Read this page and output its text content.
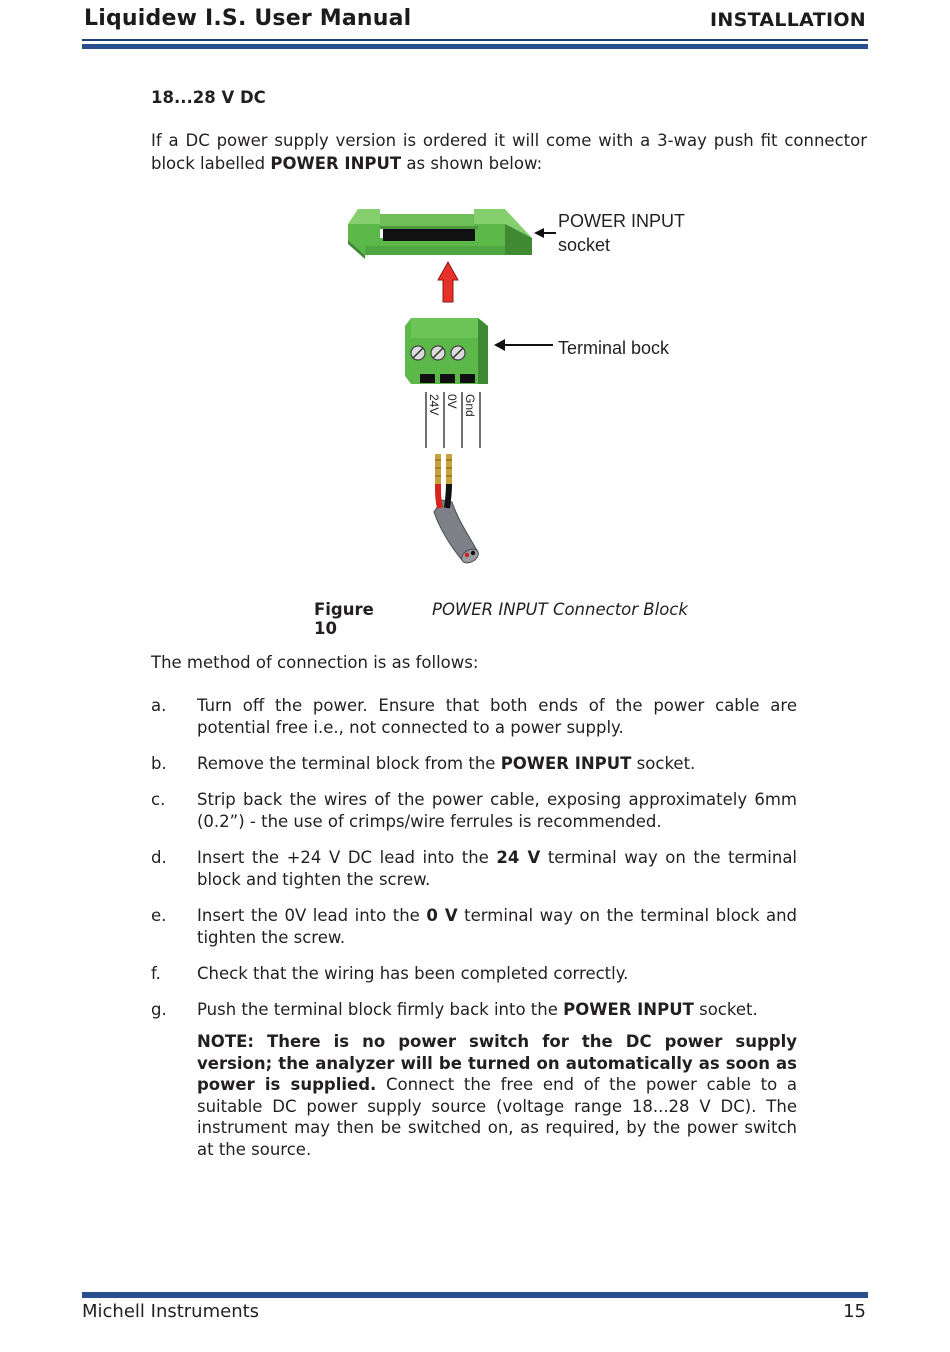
Liquidew I.S. User Manual	INSTALLATION
18...28 V DC
If a DC power supply version is ordered it will come with a 3-way push fit connector block labelled POWER INPUT as shown below:
POWER INPUT
socket
Terminal bock
24V 0V Gnd
Figure 10
POWER INPUT Connector Block
The method of connection is as follows:
a. Turn off the power. Ensure that both ends of the power cable are potential free i.e., not connected to a power supply.
b. Remove the terminal block from the POWER INPUT socket.
c. Strip back the wires of the power cable, exposing approximately 6mm (0.2”) - the use of crimps/wire ferrules is recommended.
d. Insert the +24 V DC lead into the 24 V terminal way on the terminal block and tighten the screw.
e. Insert the 0V lead into the 0 V terminal way on the terminal block and tighten the screw.
f. Check that the wiring has been completed correctly.
g. Push the terminal block firmly back into the POWER INPUT socket.
NOTE: There is no power switch for the DC power supply version; the analyzer will be turned on automatically as soon as power is supplied. Connect the free end of the power cable to a suitable DC power supply source (voltage range 18...28 V DC). The instrument may then be switched on, as required, by the power switch at the source.
Michell Instruments	15
